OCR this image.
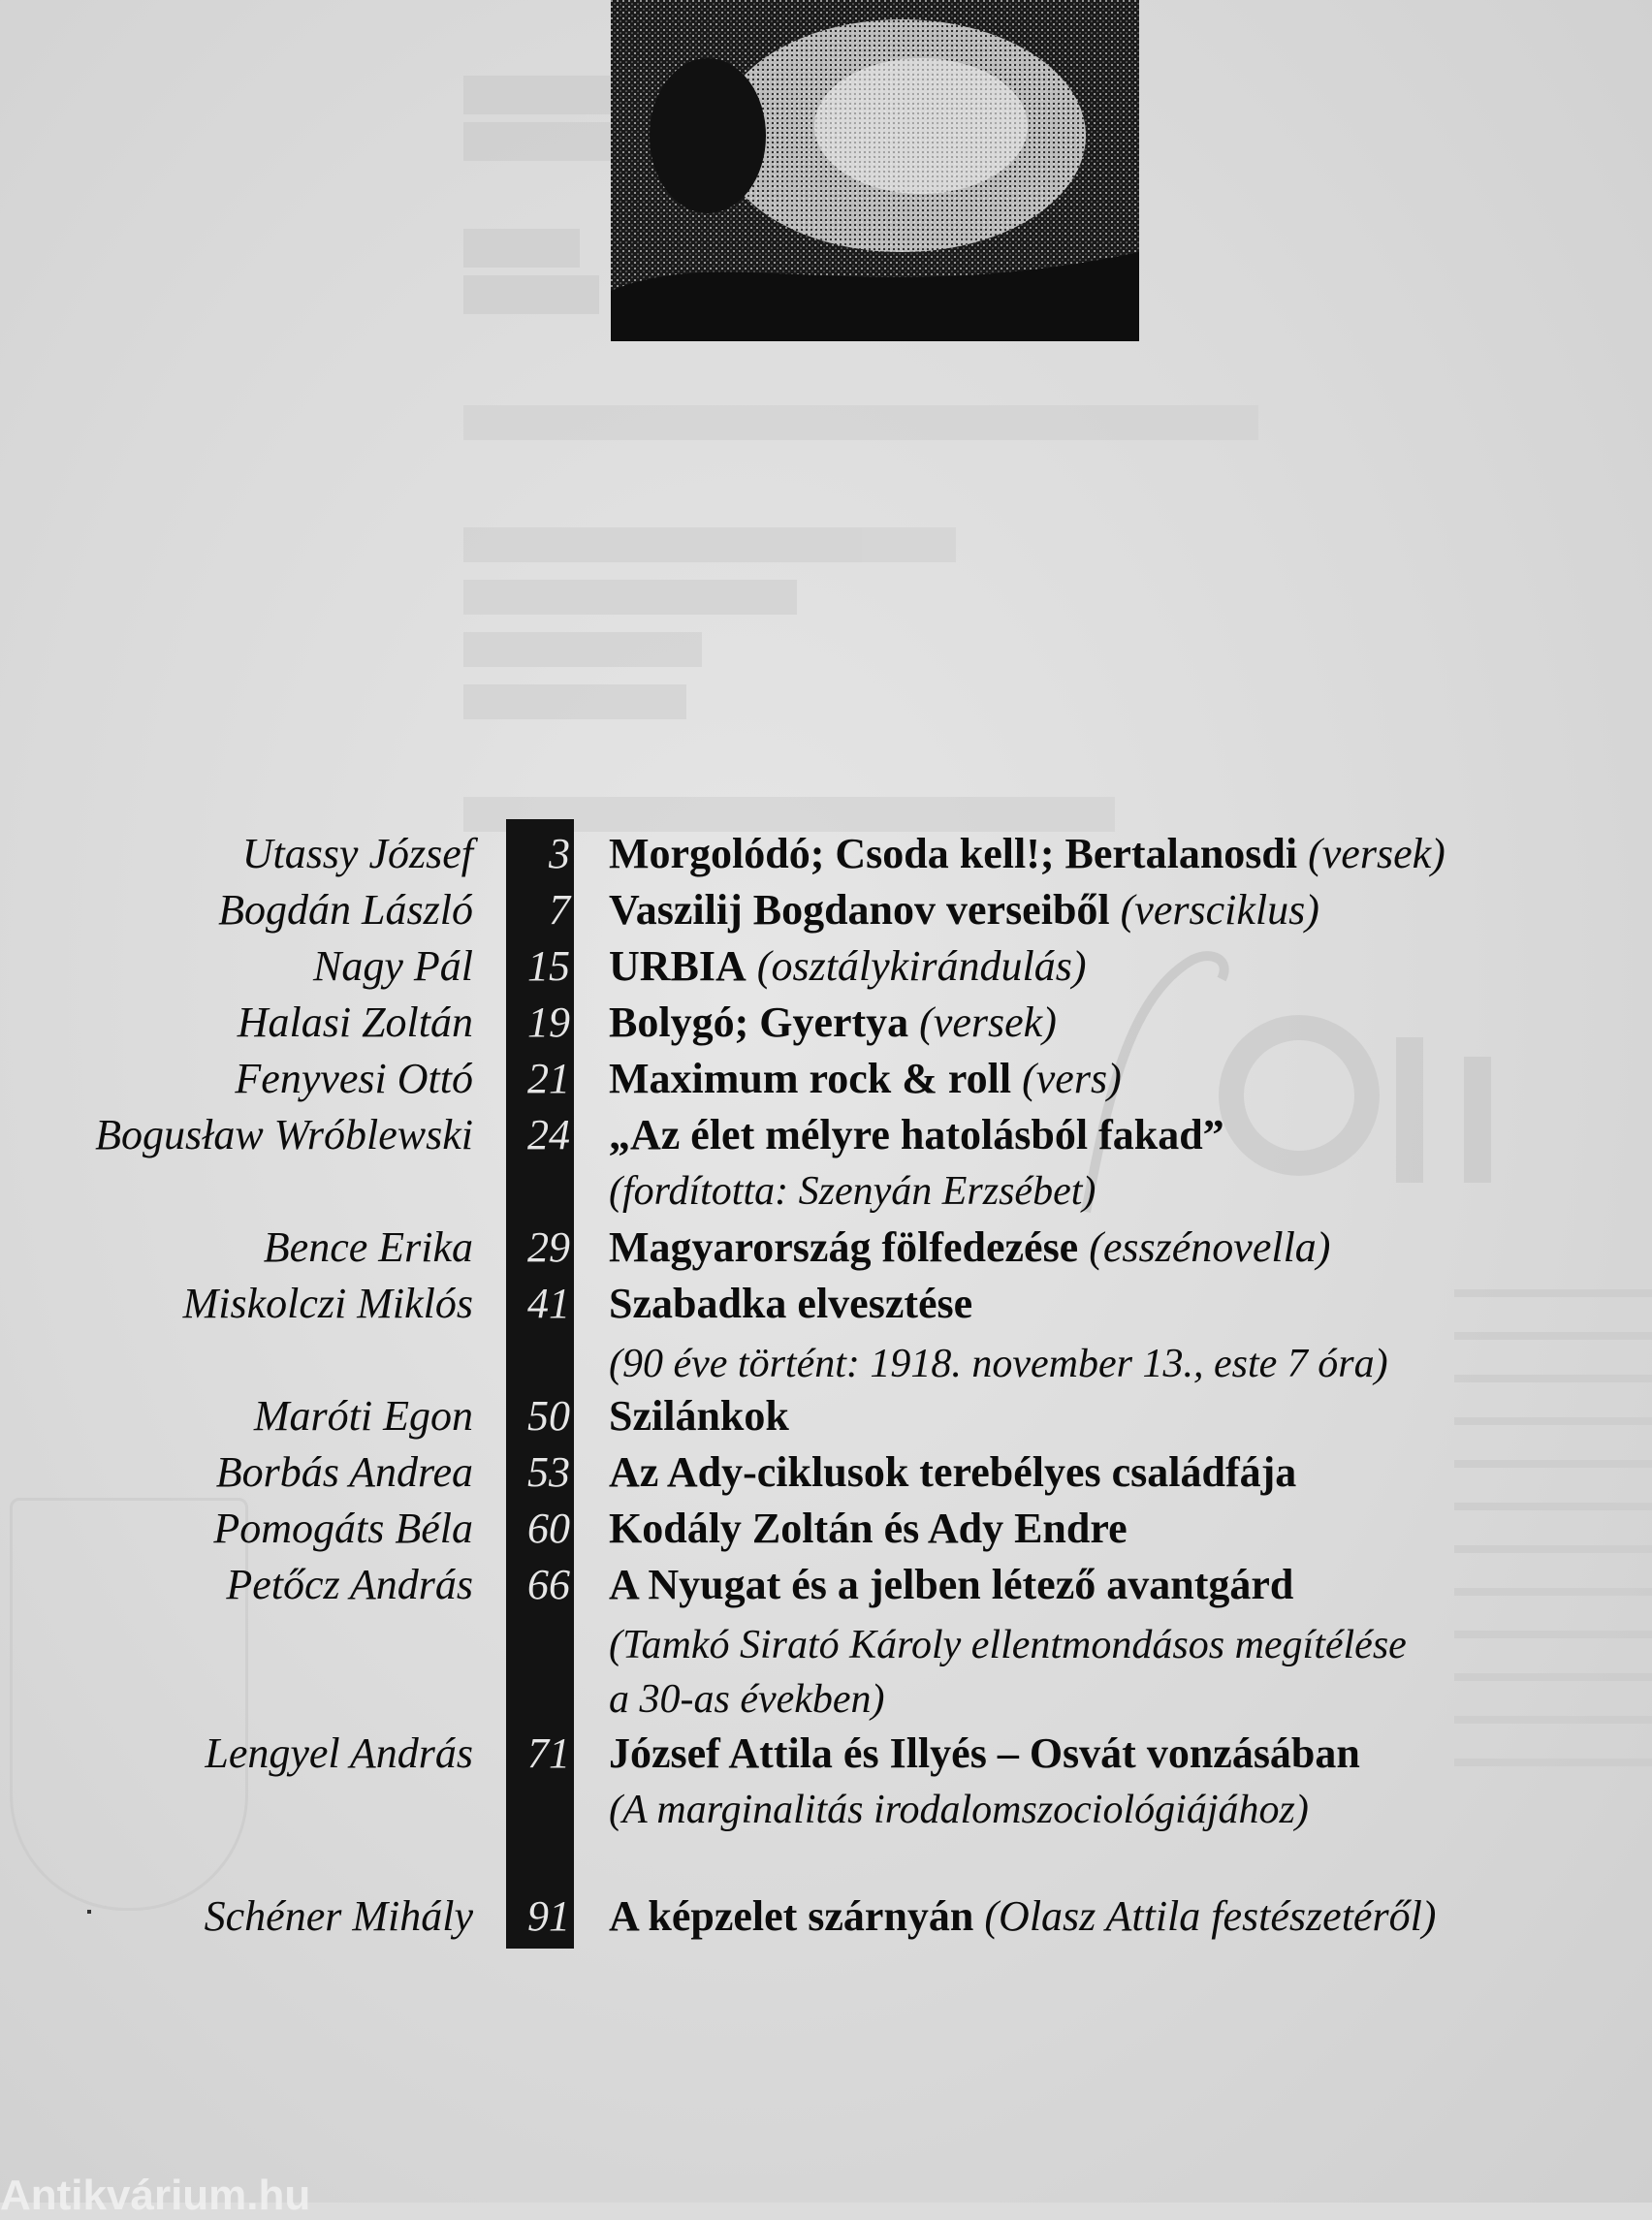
Utassy József	3 Morgolódó; Csoda kell!; Bertalanosdi (versek)
Bogdán László	7 Vaszilij Bogdanov verseiből (versciklus)
Nagy Pál	15 URBIA (osztálykirándulás)
Halasi Zoltán	19 Bolygó; Gyertya (versek)
Fenyvesi Ottó	21 Maximum rock & roll (vers)
Bogusław Wróblewski	24 „Az élet mélyre hatolásból fakad”
(fordította: Szenyán Erzsébet)
Bence Erika	29 Magyarország fölfedezése (esszénovella)
Miskolczi Miklós	41 Szabadka elvesztése
(90 éve történt: 1918. november 13., este 7 óra)
Maróti Egon	50 Szilánkok
Borbás Andrea	53 Az Ady-ciklusok terebélyes családfája
Pomogáts Béla	60 Kodály Zoltán és Ady Endre
Petőcz András	66 A Nyugat és a jelben létező avantgárd
(Tamkó Sirató Károly ellentmondásos megítélése
a 30-as években)
Lengyel András	71 József Attila és Illyés – Osvát vonzásában
(A marginalitás irodalomszociológiájához)
Schéner Mihály	91 A képzelet szárnyán (Olasz Attila festészetéről)
Antikvárium.hu
